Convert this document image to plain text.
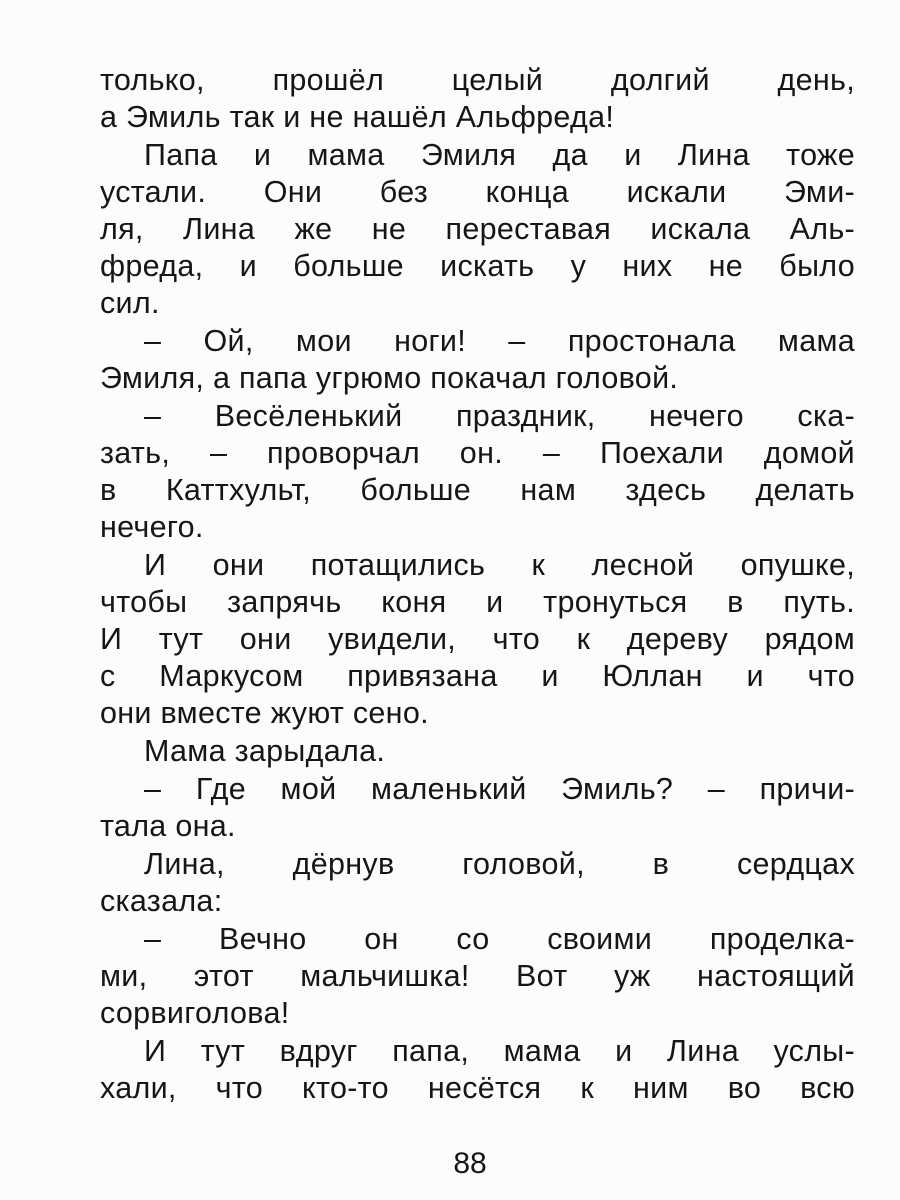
только, прошёл целый долгий день,
а Эмиль так и не нашёл Альфреда!
Папа и мама Эмиля да и Лина тоже
устали. Они без конца искали Эми-
ля, Лина же не переставая искала Аль-
фреда, и больше искать у них не было
сил.
– Ой, мои ноги! – простонала мама
Эмиля, а папа угрюмо покачал головой.
– Весёленький праздник, нечего ска-
зать, – проворчал он. – Поехали домой
в Каттхульт, больше нам здесь делать
нечего.
И они потащились к лесной опушке,
чтобы запрячь коня и тронуться в путь.
И тут они увидели, что к дереву рядом
с Маркусом привязана и Юллан и что
они вместе жуют сено.
Мама зарыдала.
– Где мой маленький Эмиль? – причи-
тала она.
Лина, дёрнув головой, в сердцах
сказала:
– Вечно он со своими проделка-
ми, этот мальчишка! Вот уж настоящий
сорвиголова!
И тут вдруг папа, мама и Лина услы-
хали, что кто-то несётся к ним во всю
88
